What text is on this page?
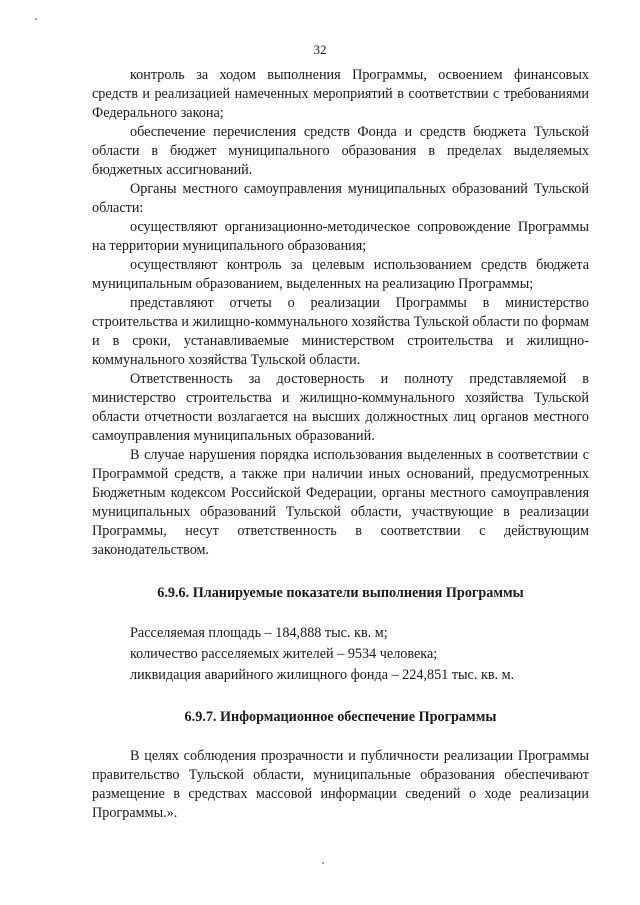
32

контроль за ходом выполнения Программы, освоением финансовых средств и реализацией намеченных мероприятий в соответствии с требованиями Федерального закона;

обеспечение перечисления средств Фонда и средств бюджета Тульской области в бюджет муниципального образования в пределах выделяемых бюджетных ассигнований.

Органы местного самоуправления муниципальных образований Тульской области:

осуществляют организационно-методическое сопровождение Программы на территории муниципального образования;

осуществляют контроль за целевым использованием средств бюджета муниципальным образованием, выделенных на реализацию Программы;

представляют отчеты о реализации Программы в министерство строительства и жилищно-коммунального хозяйства Тульской области по формам и в сроки, устанавливаемые министерством строительства и жилищно-коммунального хозяйства Тульской области.

Ответственность за достоверность и полноту представляемой в министерство строительства и жилищно-коммунального хозяйства Тульской области отчетности возлагается на высших должностных лиц органов местного самоуправления муниципальных образований.

В случае нарушения порядка использования выделенных в соответствии с Программой средств, а также при наличии иных оснований, предусмотренных Бюджетным кодексом Российской Федерации, органы местного самоуправления муниципальных образований Тульской области, участвующие в реализации Программы, несут ответственность в соответствии с действующим законодательством.

6.9.6. Планируемые показатели выполнения Программы
Расселяемая площадь – 184,888 тыс. кв. м;
количество расселяемых жителей – 9534 человека;
ликвидация аварийного жилищного фонда – 224,851 тыс. кв. м.
6.9.7. Информационное обеспечение Программы

В целях соблюдения прозрачности и публичности реализации Программы правительство Тульской области, муниципальные образования обеспечивают размещение в средствах массовой информации сведений о ходе реализации Программы.».
